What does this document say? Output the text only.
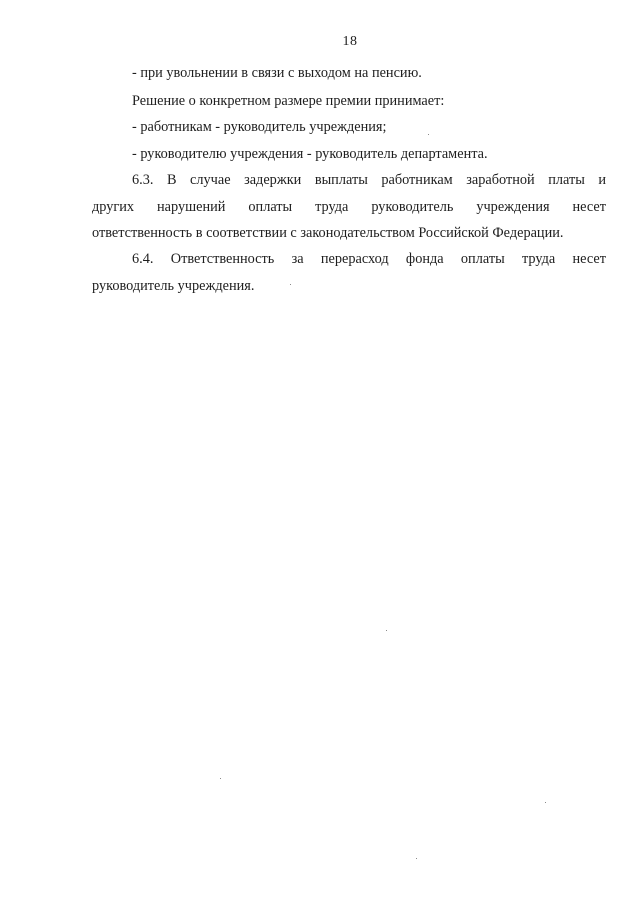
18
- при увольнении в связи с выходом на пенсию.
Решение о конкретном размере премии принимает:
- работникам - руководитель учреждения;
- руководителю учреждения - руководитель департамента.
6.3. В случае задержки выплаты работникам заработной платы и
других нарушений оплаты труда руководитель учреждения несет
ответственность в соответствии с законодательством Российской Федерации.
6.4. Ответственность за перерасход фонда оплаты труда несет
руководитель учреждения.
